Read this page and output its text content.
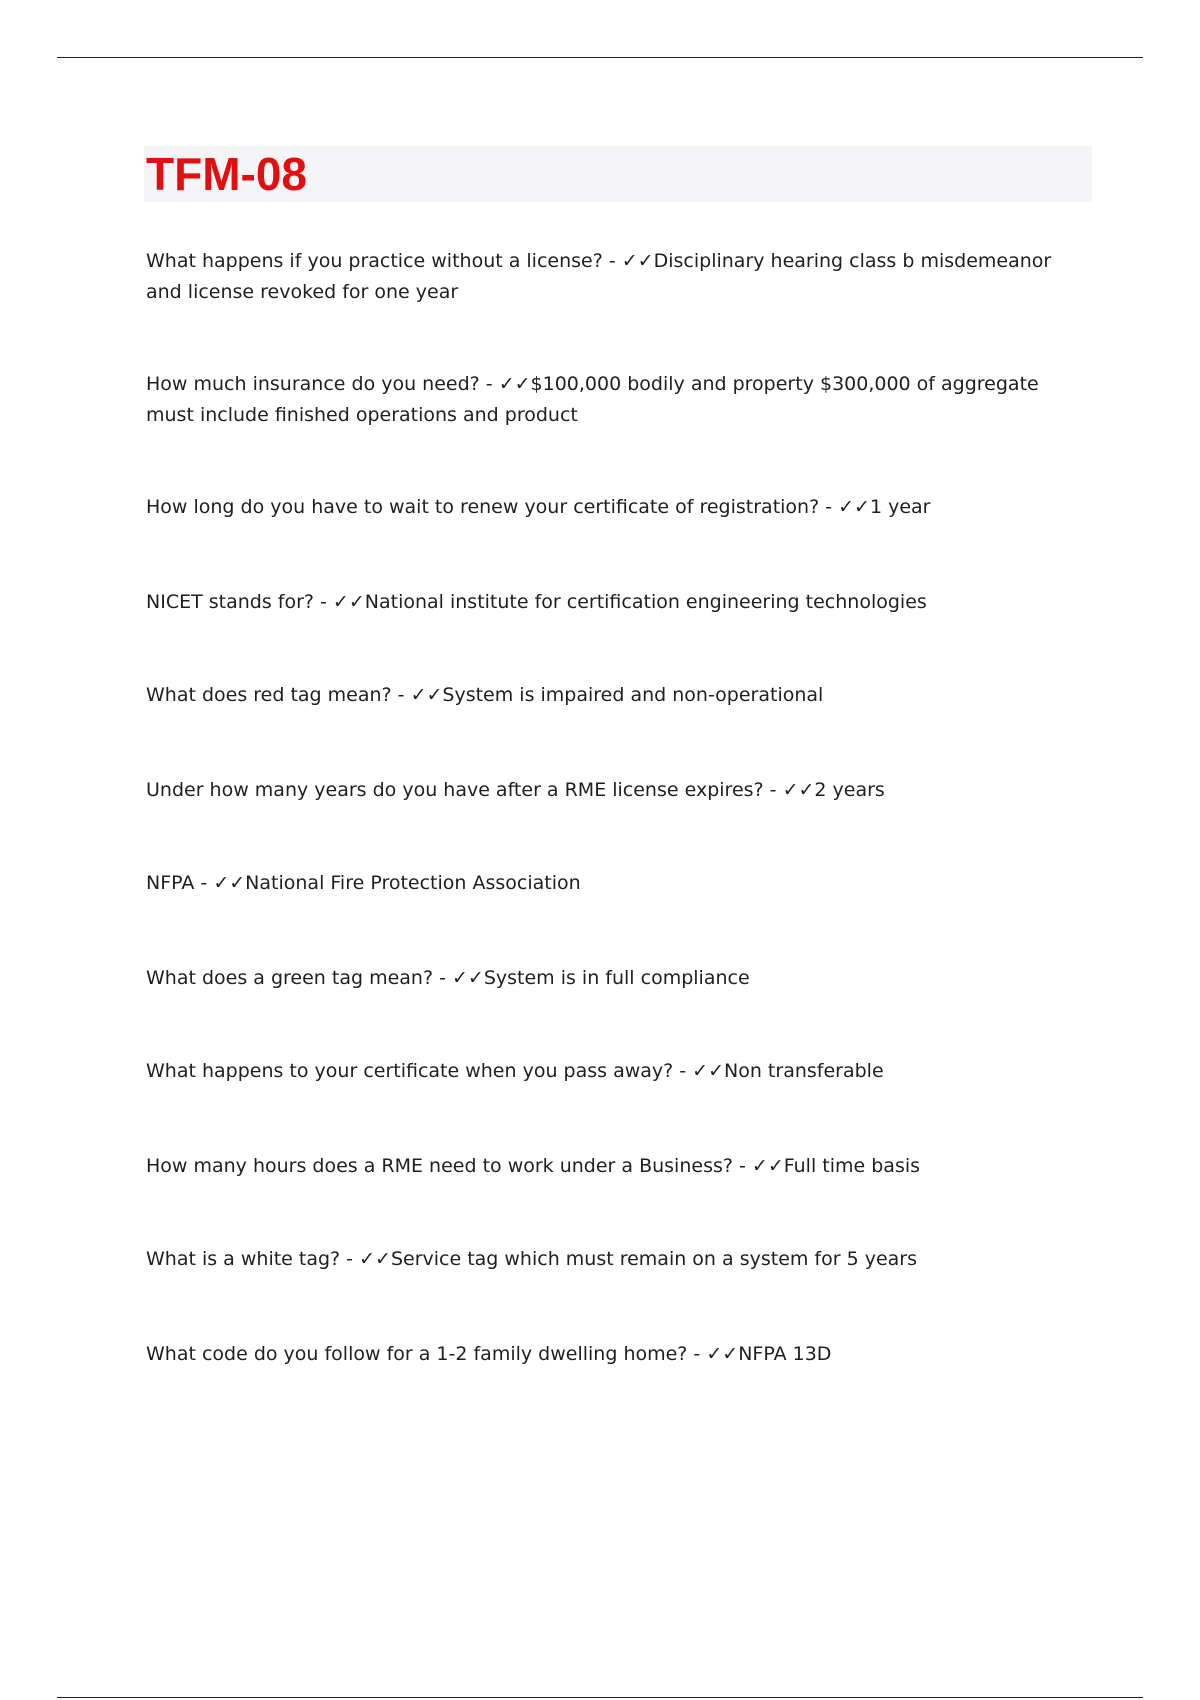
TFM-08

What happens if you practice without a license? - ✓✓Disciplinary hearing class b misdemeanor and license revoked for one year

How much insurance do you need? - ✓✓$100,000 bodily and property $300,000 of aggregate must include finished operations and product

How long do you have to wait to renew your certificate of registration? - ✓✓1 year

NICET stands for? - ✓✓National institute for certification engineering technologies

What does red tag mean? - ✓✓System is impaired and non-operational

Under how many years do you have after a RME license expires? - ✓✓2 years

NFPA - ✓✓National Fire Protection Association

What does a green tag mean? - ✓✓System is in full compliance

What happens to your certificate when you pass away? - ✓✓Non transferable

How many hours does a RME need to work under a Business? - ✓✓Full time basis

What is a white tag? - ✓✓Service tag which must remain on a system for 5 years

What code do you follow for a 1-2 family dwelling home? - ✓✓NFPA 13D
